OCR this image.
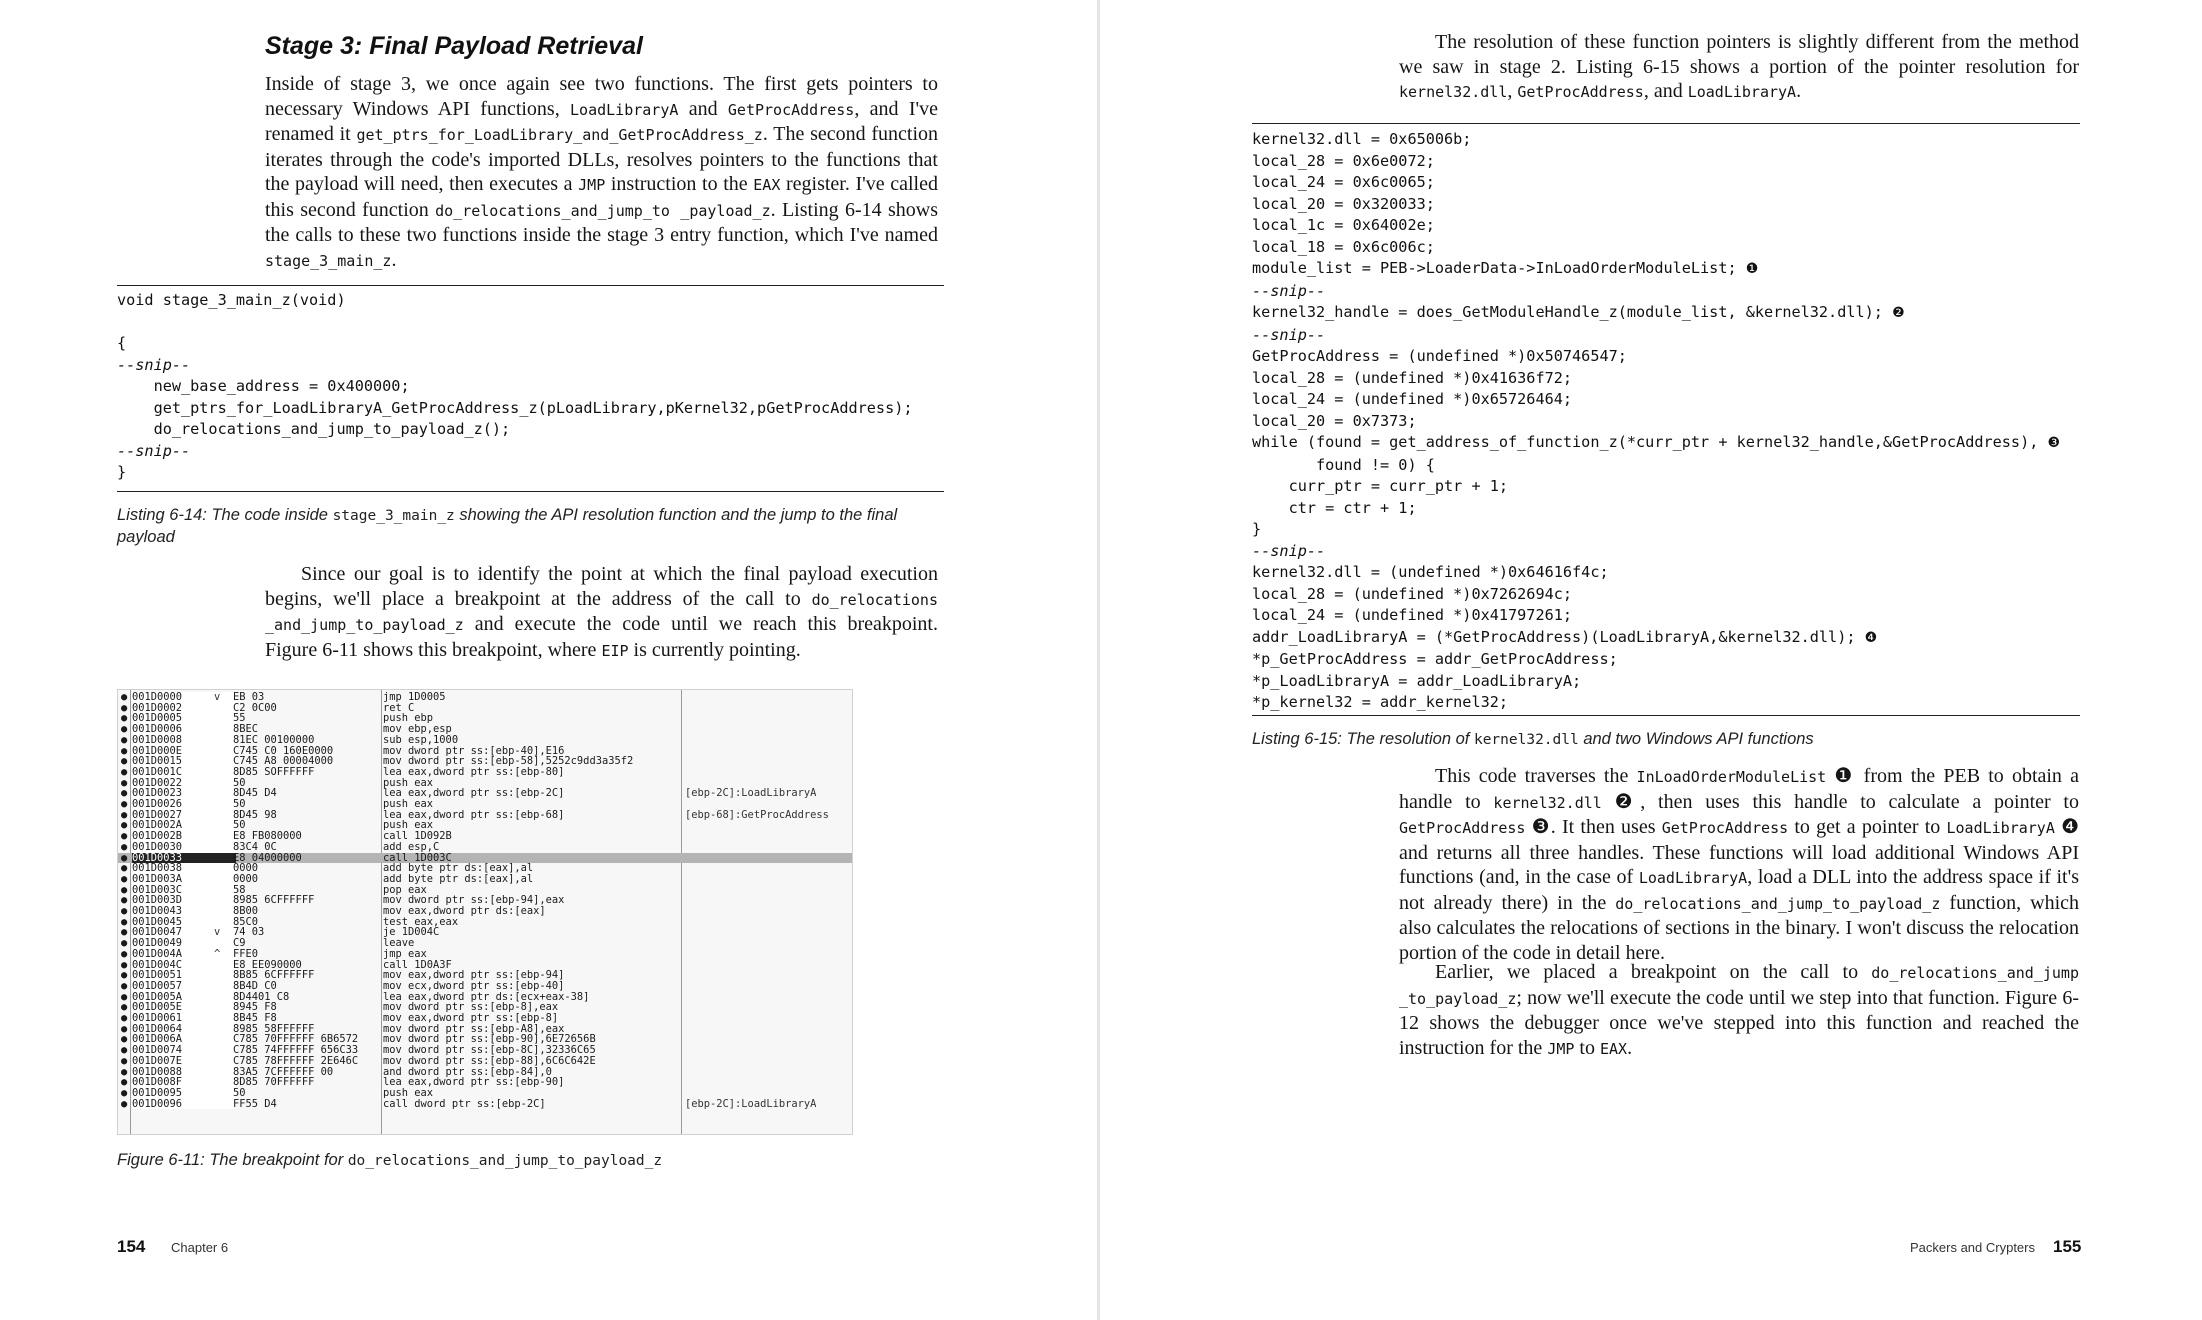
Stage 3: Final Payload Retrieval
Inside of stage 3, we once again see two functions. The first gets pointers to necessary Windows API functions, LoadLibraryA and GetProcAddress, and I've renamed it get_ptrs_for_LoadLibrary_and_GetProcAddress_z. The second function iterates through the code's imported DLLs, resolves pointers to the functions that the payload will need, then executes a JMP instruction to the EAX register. I've called this second function do_relocations_and_jump_to _payload_z. Listing 6-14 shows the calls to these two functions inside the stage 3 entry function, which I've named stage_3_main_z.
void stage_3_main_z(void)

{
--snip--
new_base_address = 0x400000;
get_ptrs_for_LoadLibraryA_GetProcAddress_z(pLoadLibrary,pKernel32,pGetProcAddress);
do_relocations_and_jump_to_payload_z();
--snip--
}
Listing 6-14: The code inside stage_3_main_z showing the API resolution function and the jump to the final payload
Since our goal is to identify the point at which the final payload execution begins, we'll place a breakpoint at the address of the call to do_relocations _and_jump_to_payload_z and execute the code until we reach this breakpoint. Figure 6-11 shows this breakpoint, where EIP is currently pointing.
● 001D0000	v	EB 03	jmp 1D0005
● 001D0002	C2 0C00	ret C
● 001D0005	55	push ebp
● 001D0006	8BEC	mov ebp,esp
● 001D0008	81EC 00100000	sub esp,1000
● 001D000E	C745 C0 160E0000	mov dword ptr ss:[ebp-40],E16
● 001D0015	C745 A8 00004000	mov dword ptr ss:[ebp-58],5252c9dd3a35f2
● 001D001C	8D85 SOFFFFFF	lea eax,dword ptr ss:[ebp-80]
● 001D0022	50	push eax
● 001D0023	8D45 D4	lea eax,dword ptr ss:[ebp-2C]	[ebp-2C]:LoadLibraryA
● 001D0026	50	push eax
● 001D0027	8D45 98	lea eax,dword ptr ss:[ebp-68]	[ebp-68]:GetProcAddress
● 001D002A	50	push eax
● 001D002B	E8 FB080000	call 1D092B
● 001D0030	83C4 0C	add esp,C
● 001D0033	E8 04000000	call 1D003C
● 001D0038	0000	add byte ptr ds:[eax],al
● 001D003A	0000	add byte ptr ds:[eax],al
● 001D003C	58	pop eax
● 001D003D	8985 6CFFFFFF	mov dword ptr ss:[ebp-94],eax
● 001D0043	8B00	mov eax,dword ptr ds:[eax]
● 001D0045	85C0	test eax,eax
● 001D0047	v	74 03	je 1D004C
● 001D0049	C9	leave
● 001D004A	^	FFE0	jmp eax
● 001D004C	E8 EE090000	call 1D0A3F
● 001D0051	8B85 6CFFFFFF	mov eax,dword ptr ss:[ebp-94]
● 001D0057	8B4D C0	mov ecx,dword ptr ss:[ebp-40]
● 001D005A	8D4401 C8	lea eax,dword ptr ds:[ecx+eax-38]
● 001D005E	8945 F8	mov dword ptr ss:[ebp-8],eax
● 001D0061	8B45 F8	mov eax,dword ptr ss:[ebp-8]
● 001D0064	8985 58FFFFFF	mov dword ptr ss:[ebp-A8],eax
● 001D006A	C785 70FFFFFF 6B6572	mov dword ptr ss:[ebp-90],6E72656B
● 001D0074	C785 74FFFFFF 656C33	mov dword ptr ss:[ebp-8C],32336C65
● 001D007E	C785 78FFFFFF 2E646C	mov dword ptr ss:[ebp-88],6C6C642E
● 001D0088	83A5 7CFFFFFF 00	and dword ptr ss:[ebp-84],0
● 001D008F	8D85 70FFFFFF	lea eax,dword ptr ss:[ebp-90]
● 001D0095	50	push eax
● 001D0096	FF55 D4	call dword ptr ss:[ebp-2C]	[ebp-2C]:LoadLibraryA
Figure 6-11: The breakpoint for do_relocations_and_jump_to_payload_z
154 Chapter 6
The resolution of these function pointers is slightly different from the method we saw in stage 2. Listing 6-15 shows a portion of the pointer resolution for kernel32.dll, GetProcAddress, and LoadLibraryA.
kernel32.dll = 0x65006b;
local_28 = 0x6e0072;
local_24 = 0x6c0065;
local_20 = 0x320033;
local_1c = 0x64002e;
local_18 = 0x6c006c;
module_list = PEB->LoaderData->InLoadOrderModuleList; ❶
--snip--
kernel32_handle = does_GetModuleHandle_z(module_list, &kernel32.dll); ❷
--snip--
GetProcAddress = (undefined *)0x50746547;
local_28 = (undefined *)0x41636f72;
local_24 = (undefined *)0x65726464;
local_20 = 0x7373;
while (found = get_address_of_function_z(*curr_ptr + kernel32_handle,&GetProcAddress), ❸
found != 0) {
curr_ptr = curr_ptr + 1;
ctr = ctr + 1;
}
--snip--
kernel32.dll = (undefined *)0x64616f4c;
local_28 = (undefined *)0x7262694c;
local_24 = (undefined *)0x41797261;
addr_LoadLibraryA = (*GetProcAddress)(LoadLibraryA,&kernel32.dll); ❹
*p_GetProcAddress = addr_GetProcAddress;
*p_LoadLibraryA = addr_LoadLibraryA;
*p_kernel32 = addr_kernel32;
Listing 6-15: The resolution of kernel32.dll and two Windows API functions
This code traverses the InLoadOrderModuleList ❶ from the PEB to obtain a handle to kernel32.dll ❷, then uses this handle to calculate a pointer to GetProcAddress ❸. It then uses GetProcAddress to get a pointer to LoadLibraryA ❹ and returns all three handles. These functions will load additional Windows API functions (and, in the case of LoadLibraryA, load a DLL into the address space if it's not already there) in the do_relocations_and_jump_to_payload_z function, which also calculates the relocations of sections in the binary. I won't discuss the relocation portion of the code in detail here.
Earlier, we placed a breakpoint on the call to do_relocations_and_jump _to_payload_z; now we'll execute the code until we step into that function. Figure 6-12 shows the debugger once we've stepped into this function and reached the instruction for the JMP to EAX.
Packers and Crypters 155
